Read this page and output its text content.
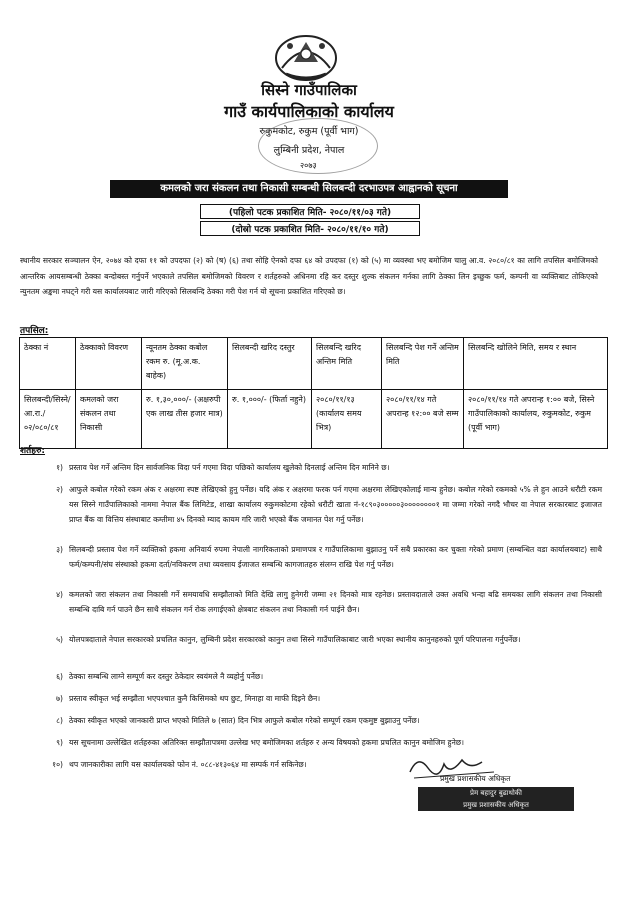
सिस्ने गाउँपालिका
गाउँ कार्यपालिकाको कार्यालय
रुकुमकोट, रुकुम (पूर्वी भाग)
लुम्बिनी प्रदेश, नेपाल
२०७३
कमलको जरा संकलन तथा निकासी सम्बन्धी सिलबन्दी दरभाउपत्र आह्वानको सूचना
(पहिलो पटक प्रकाशित मिति- २०८०/११/०३ गते)
(दोस्रो पटक प्रकाशित मिति- २०८०/११/१० गते)
स्थानीय सरकार सञ्चालन ऐन, २०७४ को दफा ११ को उपदफा (२) को (ष) (६) तथा सोहि ऐनको दफा ६४ को उपदफा (१) को (५) मा व्यवस्था भए बमोजिम चालु आ.व. २०८०/८१ का लागि तपसिल बमोजिमको आन्तरिक आयसम्बन्धी ठेक्का बन्दोबस्त गर्नुपर्ने भएकाले तपसिल बमोजिमको विवरण र शर्तहरुको अधिनमा रहि कर दस्तुर शुल्क संकलन गर्नका लागि ठेक्का लिन इच्छुक फर्म, कम्पनी वा व्यक्तिबाट तोकिएको न्युनतम अङ्कमा नघट्ने गरी यस कार्यालयबाट जारी गरिएको सिलबन्दि ठेक्का गरी पेश गर्न यो सूचना प्रकाशित गरिएको छ।
तपसिल:
ठेक्का नं	ठेक्काको विवरण	न्यूनतम ठेक्का कबोल रकम रु. (मू.अ.क. बाहेक)	सिलबन्दी खरिद दस्तुर	सिलबन्दि खरिद अन्तिम मिति	सिलबन्दि पेश गर्ने अन्तिम मिति	सिलबन्दि खोलिने मिति, समय र स्थान
सिलबन्दी/सिस्ने/आ.रा./०२/०८०/८१	कमलको जरा संकलन तथा निकासी	रु. १,३०,०००/- (अक्षरुपी एक लाख तीस हजार मात्र)	रु. १,०००/- (फिर्ता नहुने)	२०८०/११/१३ (कार्यालय समय भित्र)	२०८०/११/१४ गते अपरान्ह १२:०० बजे सम्म	२०८०/११/१४ गते अपरान्ह १:०० बजे, सिस्ने गाउँपालिकाको कार्यालय, रुकुमकोट, रुकुम (पूर्वी भाग)
शर्तहरु:
१) प्रस्ताव पेश गर्ने अन्तिम दिन सार्वजनिक विदा पर्न गएमा विदा पछिको कार्यालय खुलेको दिनलाई अन्तिम दिन मानिने छ।
२) आफुले कबोल गरेको रकम अंक र अक्षरमा स्पष्ट लेखिएको हुनु पर्नेछ। यदि अंक र अक्षरमा फरक पर्न गएमा अक्षरमा लेखिएकोलाई मान्य हुनेछ। कबोल गरेको रकमको ५% ले हुन आउने धरौटी रकम यस सिस्ने गाउँपालिकाको नाममा नेपाल बैंक लिमिटेड, शाखा कार्यालय रुकुमकोटमा रहेको धरौटी खाता नं-१८९०३०००००३००००००००१ मा जम्मा गरेको नगदै भौचर वा नेपाल सरकारबाट इजाजत प्राप्त बैंक वा वित्तिय संस्थाबाट कम्तीमा ४५ दिनको म्याद कायम गरि जारी भएको बैंक जमानत पेश गर्नु पर्नेछ।
३) सिलबन्दी प्रस्ताव पेश गर्ने व्यक्तिको हकमा अनिवार्य रुपमा नेपाली नागरिकताको प्रमाणपत्र र गाउँपालिकामा बुझाउनु पर्ने सबै प्रकारका कर चुक्ता गरेको प्रमाण (सम्बन्धित वडा कार्यालयबाट) साथै फर्म/कम्पनी/संघ संस्थाको हकमा दर्ता/नविकरण तथा व्यवसाय ईजाजत सम्बन्धि कागजातहरु संलग्न राखि पेश गर्नु पर्नेछ।
४) कमलको जरा संकलन तथा निकासी गर्ने समयावधि सम्झौताको मिति देखि लागु हुनेगरी जम्मा २१ दिनको मात्र रहनेछ। प्रस्तावदाताले उक्त अवधि भन्दा बढि समयका लागि संकलन तथा निकासी सम्बन्धि दाबि गर्न पाउने छैन साथै संकलन गर्न रोक लगाईएको क्षेत्रबाट संकलन तथा निकासी गर्न पाईने छैन।
५) योलपत्रदाताले नेपाल सरकारको प्रचलित कानुन, लुम्बिनी प्रदेश सरकारको कानुन तथा सिस्ने गाउँपालिकाबाट जारी भएका स्थानीय कानुनहरुको पूर्ण परिपालना गर्नुपर्नेछ।
६) ठेक्का सम्बन्धि लाग्ने सम्पूर्ण कर दस्तुर ठेकेदार स्वयंमले नै व्यहोर्नु पर्नेछ।
७) प्रस्ताव स्वीकृत भई सम्झौता भएपश्चात कुनै किसिमको थप छुट, मिनाहा वा माफी दिइने छैन।
८) ठेक्का स्वीकृत भएको जानकारी प्राप्त भएको मितिले ७ (सात) दिन भित्र आफुले कबोल गरेको सम्पूर्ण रकम एकमुष्ट बुझाउनु पर्नेछ।
९) यस सूचनामा उल्लेखित शर्तहरुका अतिरिक्त सम्झौतापत्रमा उल्लेख भए बमोजिमका शर्तहरु र अन्य विषयको हकमा प्रचलित कानुन बमोजिम हुनेछ।
१०) थप जानकारीका लागि यस कार्यालयको फोन नं. ०८८-४१३०६४ मा सम्पर्क गर्न सकिनेछ।
प्रमुख प्रशासकीय अधिकृत
प्रेम बहादुर बुढाथोकी
प्रमुख प्रशासकीय अधिकृत
